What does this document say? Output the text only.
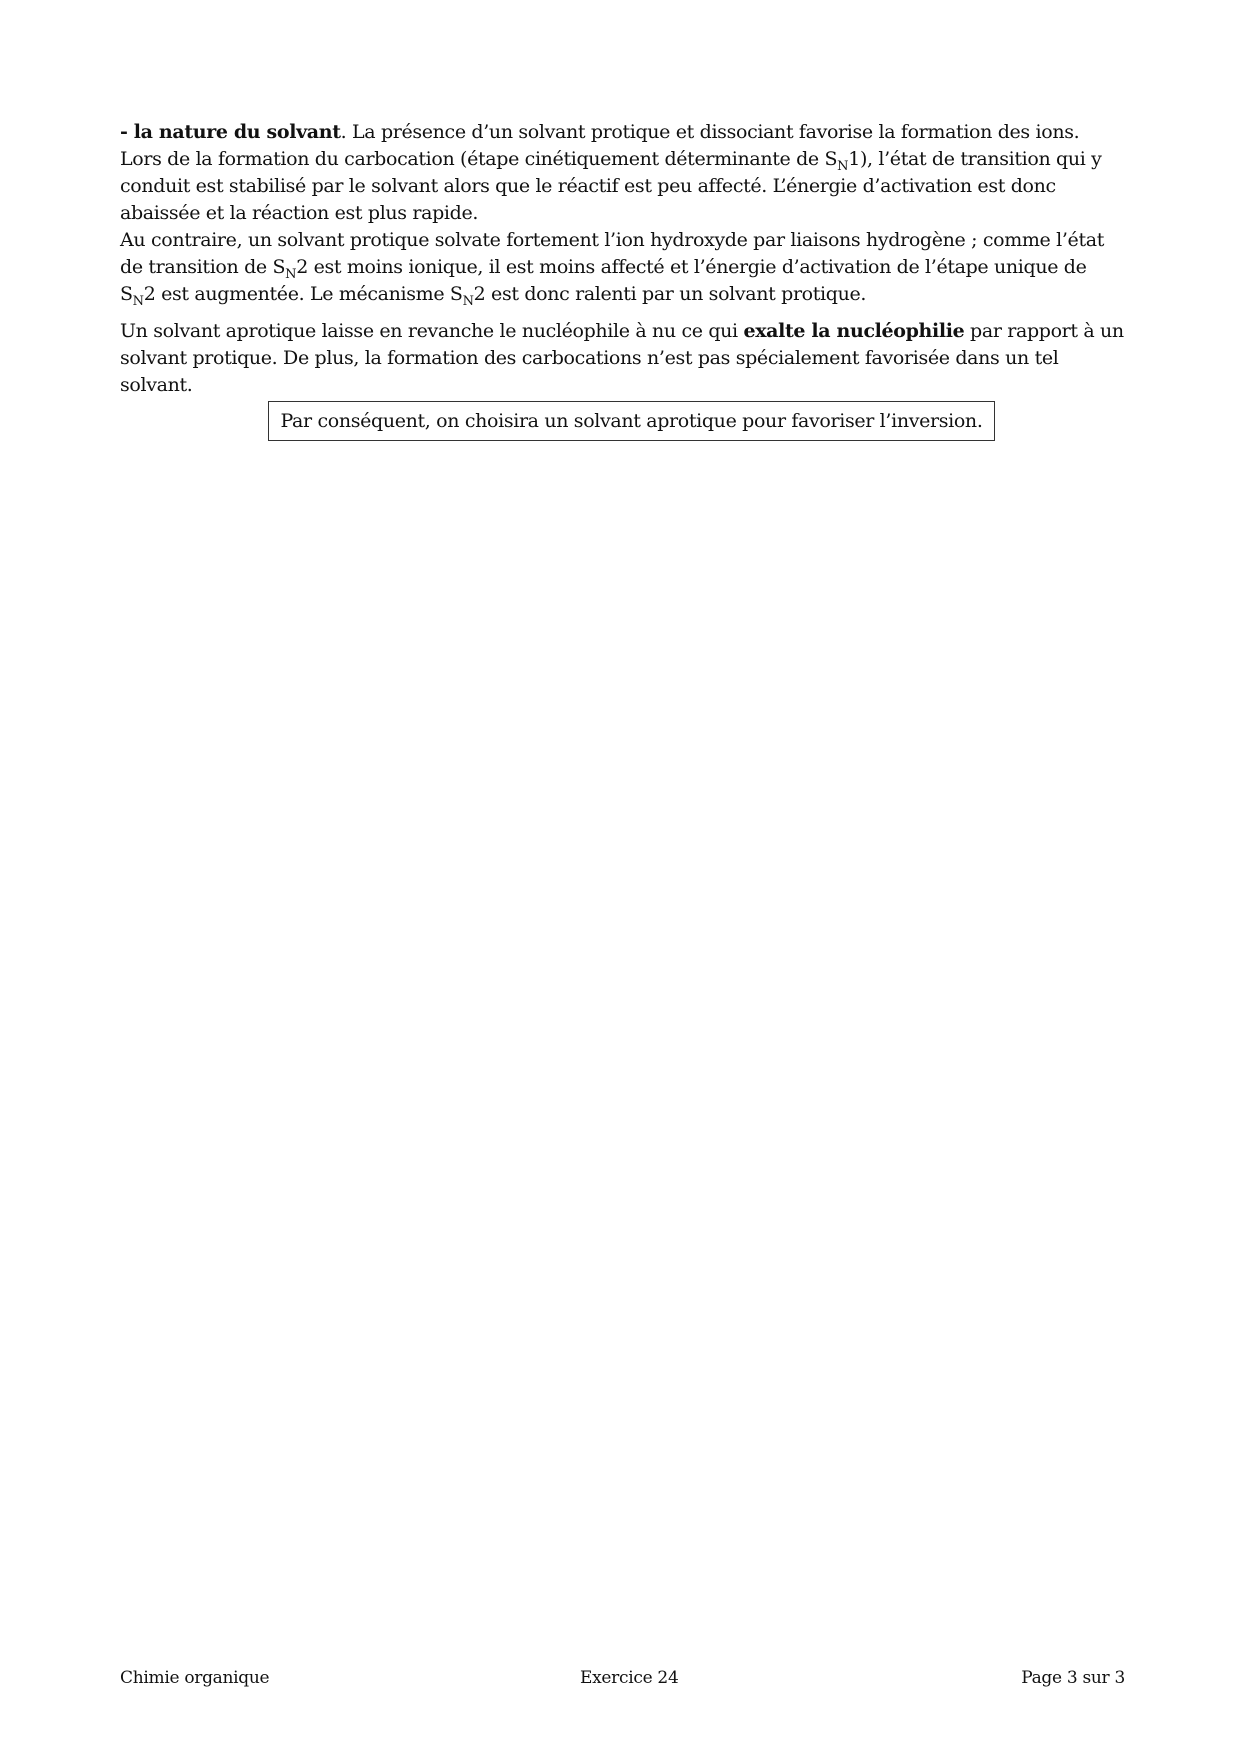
- la nature du solvant. La présence d’un solvant protique et dissociant favorise la formation des ions. Lors de la formation du carbocation (étape cinétiquement déterminante de $S_N1$), l’état de transition qui y conduit est stabilisé par le solvant alors que le réactif est peu affecté. L’énergie d’activation est donc abaissée et la réaction est plus rapide.

Au contraire, un solvant protique solvate fortement l’ion hydroxyde par liaisons hydrogène ; comme l’état de transition de $S_N2$ est moins ionique, il est moins affecté et l’énergie d’activation de l’étape unique de $S_N2$ est augmentée. Le mécanisme $S_N2$ est donc ralenti par un solvant protique.

Un solvant aprotique laisse en revanche le nucléophile à nu ce qui exalte la nucléophilie par rapport à un solvant protique. De plus, la formation des carbocations n’est pas spécialement favorisée dans un tel solvant.

Par conséquent, on choisira un solvant aprotique pour favoriser l’inversion.
Chimie organique	Exercice 24	Page 3 sur 3
